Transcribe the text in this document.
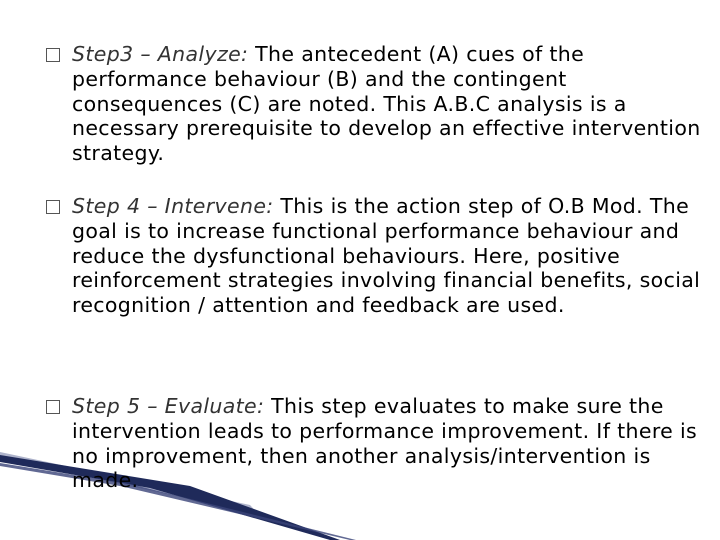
Step3 – Analyze: The antecedent (A) cues of the performance behaviour (B) and the contingent consequences (C) are noted. This A.B.C analysis is a necessary prerequisite to develop an effective intervention strategy.
Step 4 – Intervene: This is the action step of O.B Mod. The goal is to increase functional performance behaviour and reduce the dysfunctional behaviours. Here, positive reinforcement strategies involving financial benefits, social recognition / attention and feedback are used.
Step 5 – Evaluate: This step evaluates to make sure the intervention leads to performance improvement. If there is no improvement, then another analysis/intervention is made.
